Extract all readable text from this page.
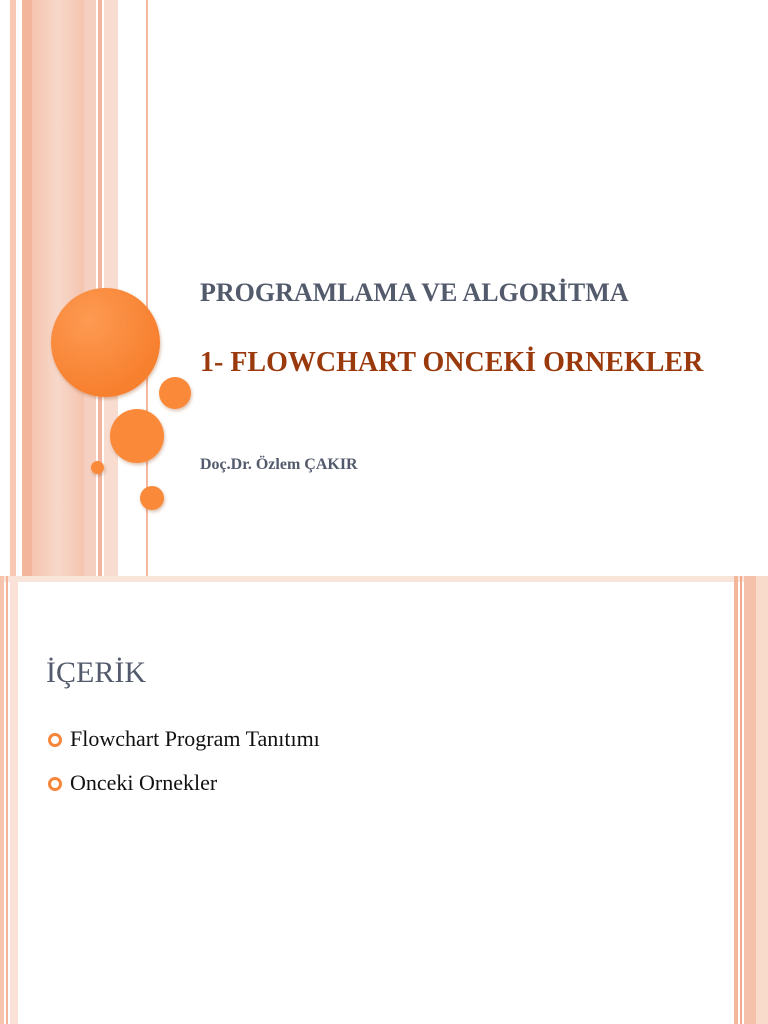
PROGRAMLAMA VE ALGORİTMA
1- FLOWCHART ONCEKİ ORNEKLER

Doç.Dr. Özlem ÇAKIR

İÇERİK
Flowchart Program Tanıtımı
Onceki Ornekler
